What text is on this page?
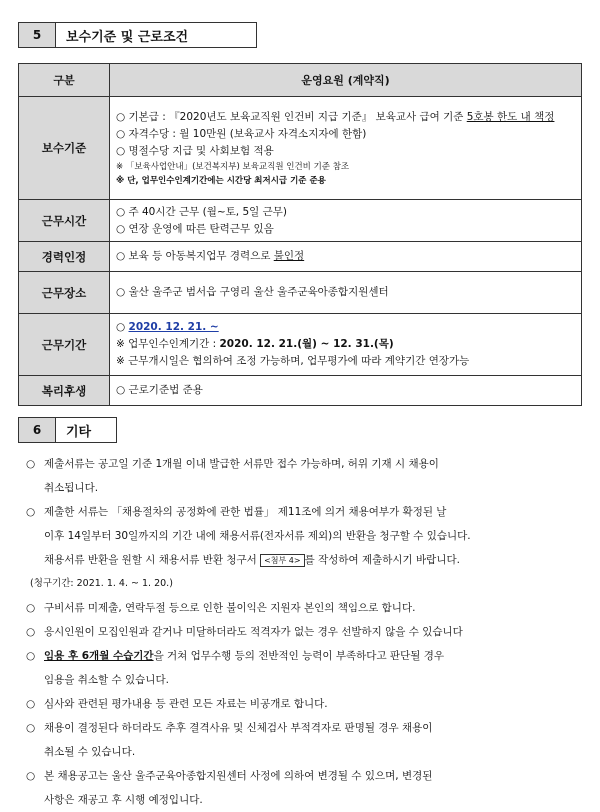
5	보수기준 및 근로조건
구분	운영요원 (계약직)
보수기준	○ 기본급 : 『2020년도 보육교직원 인건비 지급 기준』 보육교사 급여 기준 5호봉 한도 내 책정
○ 자격수당 : 월 10만원 (보육교사 자격소지자에 한함)
○ 명절수당 지급 및 사회보험 적용
※ 「보육사업안내」(보건복지부) 보육교직원 인건비 기준 참조
※ 단, 업무인수인계기간에는 시간당 최저시급 기준 준용

근무시간	○ 주 40시간 근무 (월~토, 5일 근무)
○ 연장 운영에 따른 탄력근무 있음

경력인정	○ 보육 등 아동복지업무 경력으로 불인정

근무장소	○ 울산 울주군 범서읍 구영리 울산 울주군육아종합지원센터

근무기간	○ 2020. 12. 21. ~
※ 업무인수인계기간 : 2020. 12. 21.(월) ~ 12. 31.(목)
※ 근무개시일은 협의하여 조정 가능하며, 업무평가에 따라 계약기간 연장가능

복리후생	○ 근로기준법 준용
6	기타
○ 제출서류는 공고일 기준 1개월 이내 발급한 서류만 접수 가능하며, 허위 기재 시 채용이
취소됩니다.
○ 제출한 서류는 「채용절차의 공정화에 관한 법률」 제11조에 의거 채용여부가 확정된 날
이후 14일부터 30일까지의 기간 내에 채용서류(전자서류 제외)의 반환을 청구할 수 있습니다.
채용서류 반환을 원할 시 채용서류 반환 청구서 <첨부 4> 를 작성하여 제출하시기 바랍니다.
(청구기간: 2021. 1. 4. ~ 1. 20.)
○ 구비서류 미제출, 연락두절 등으로 인한 불이익은 지원자 본인의 책임으로 합니다.
○ 응시인원이 모집인원과 같거나 미달하더라도 적격자가 없는 경우 선발하지 않을 수 있습니다
○ 임용 후 6개월 수습기간을 거쳐 업무수행 등의 전반적인 능력이 부족하다고 판단될 경우
임용을 취소할 수 있습니다.
○ 심사와 관련된 평가내용 등 관련 모든 자료는 비공개로 합니다.
○ 채용이 결정된다 하더라도 추후 결격사유 및 신체검사 부적격자로 판명될 경우 채용이
취소될 수 있습니다.
○ 본 채용공고는 울산 울주군육아종합지원센터 사정에 의하여 변경될 수 있으며, 변경된
사항은 재공고 후 시행 예정입니다.
